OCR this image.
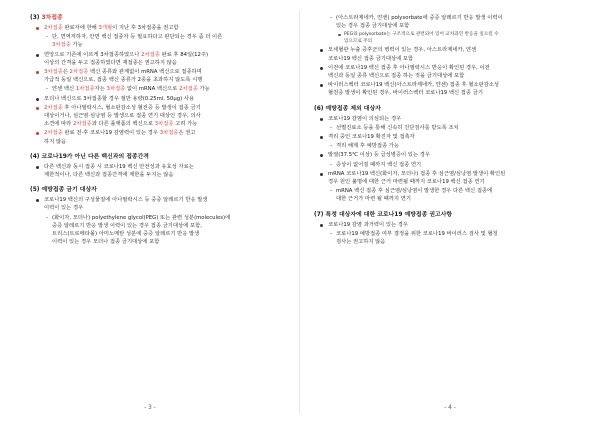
(3) 3차접종
2차접종 완료자에 한해 3개월이 지난 후 3차접종을 권고함
- 단, 면역저하자, 안면 백신 접종자 등 필요하다고 판단되는 경우 좀 더 이른
3차접종 가능
면앙으로 기존에 이르게 3차접종하였으나 2차접종 완료 후 84일(12주)
이상의 간격을 두고 접종하였다면 재접종은 권고하지 않음
3차접종은 2차접종 백신 종류와 관계없이 mRNA 백신으로 접종하며
가급적 동일 백신으로, 접종 백신 종류가 2종을 초과하지 않도록 시행
- 얀센 백신 1차접종자는 3차접종 없이 mRNA 백신으로 2차접종 가능
모더나 백신으로 3차접종할 경우 절반 용량(0.25ml, 50μg) 사용
2차접종 후 아나필락시스, 혈소판감소성 혈전증 등 발생이 접종 금기
대상이거나, 심근염·심낭염 등 발생으로 접종 연기 대상인 경우, 의사
소견에 따라 2차접종과 다른 플랫폼의 백신으로 3차접종 고려 가능
2차접종 완료 전·후 코로나19 감염력이 있는 경우 3차접종은 권고
하지 않음
(4) 코로나19가 아닌 다른 백신과의 접종간격
다른 백신과 동시 접종 시 코로나19 백신 안전성과 유효성 자료는
제한적이나, 다른 백신과 접종간격에 제한을 두지는 않음
(5) 예방접종 금기 대상자
코로나19 백신의 구성물질에 아나필락시스 등 중증 알레르기 반응 발생
이력이 있는 경우
- (화이자, 모더나) polyethylene glycol(PEG) 또는 관련 성분(molecules)에
중증 알레르기 반응 발생 이력이 있는 경우 접종 금기대상에 포함,
트리스(트로메타몰) 아미노메탄 성분에 중증 알레르기 반응 발생
이력이 있는 경우 모더나 접종 금기대상에 포함
- 3 -
- (아스트라제네카, 얀센) polysorbate에 중증 알레르기 반응 발생 이력이
있는 경우 접종 금기대상에 포함
PEG와 polysorbate는 구조적으로 관련되어 있어 교차과민 반응을 일으킬 수
있으므로 주의
모세혈관 누출 증후군의 병력이 있는 경우, 아스트라제네카, 얀센
코로나19 백신 접종 금기대상에 포함
이전에 코로나19 백신 접종 후 아나필락시스 반응이 확인된 경우, 이전
백신과 동일 종류 백신으로 접종 하는 것을 금기대상에 포함
바이러스벡터 코로나19 백신(아스트라제네카, 얀센) 접종 후 혈소판감소성
혈전증 발생이 확인된 경우, 바이러스벡터 코로나19 백신 접종 금기
(6) 예방접종 제외 대상자
코로나19 감염이 의심되는 경우
- 선별진료소 등을 통해 신속히 진단검사를 받도록 조치
격리 중인 코로나19 확진자 및 접촉자
- 격리 해제 후 예방접종 가능
발열(37.5℃ 이상) 등 급성병증이 있는 경우
- 증상이 없어질 때까지 백신 접종 연기
mRNA 코로나19 백신(화이자, 모더나) 접종 후 심근염/심낭염 발생이 확인된
경우 원인 불명에 대한 근거 마련될 때까지 코로나19 백신 접종 연기
- mRNA 백신 접종 후 심근염/심낭염이 발생한 경우 다른 백신 접종에
대한 근거가 마련 될 때까지 연기
(7) 특정 대상자에 대한 코로나19 예방접종 권고사항
코로나19 감염 과거력이 있는 경우
- 코로나19 예방접종 여부 결정을 위한 코로나19 바이러스 검사 및 혈청
검사는 권고하지 않음
- 4 -
